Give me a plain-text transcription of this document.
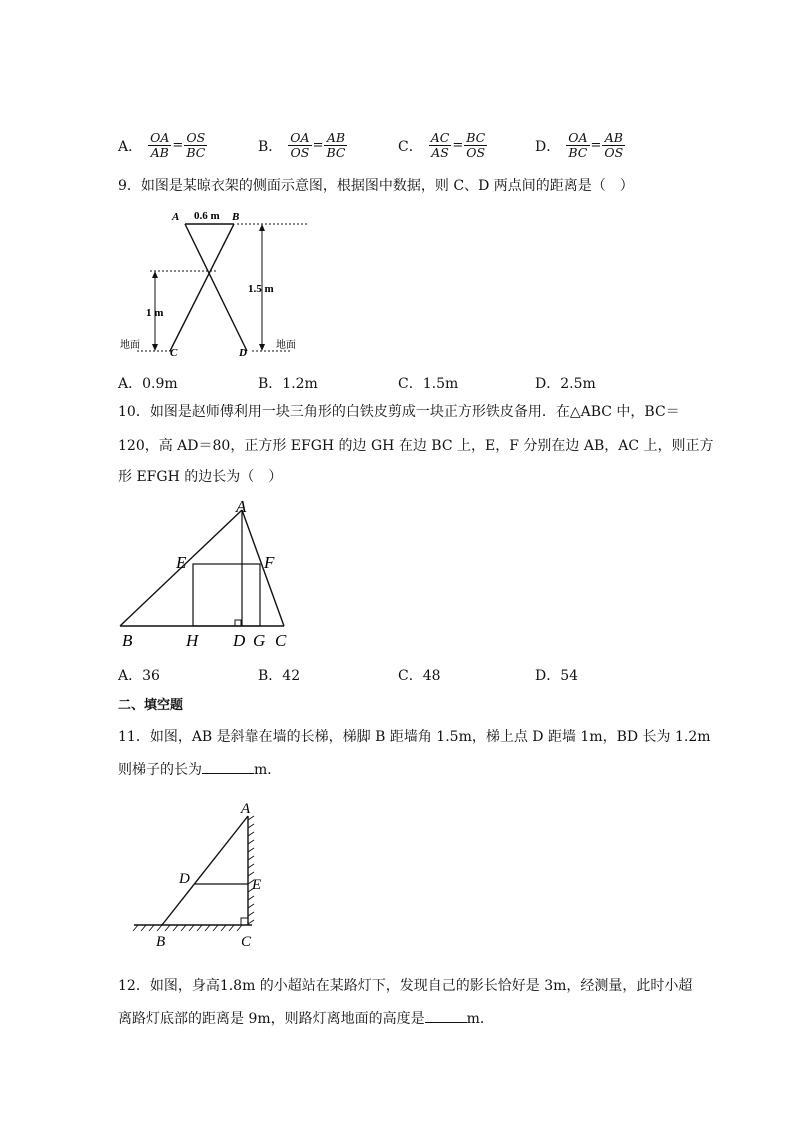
A． $\frac{OA}{AB} = \frac{OS}{BC}$	B． $\frac{OA}{OS} = \frac{AB}{BC}$	C． $\frac{AC}{AS} = \frac{BC}{OS}$	D． $\frac{OA}{BC} = \frac{AB}{OS}$
9．如图是某晾衣架的侧面示意图，根据图中数据，则 C、D 两点间的距离是（　）
A 0.6 m B
1 m
1.5 m
C	D
地面	地面
A．0.9m	B．1.2m	C．1.5m	D．2.5m
10．如图是赵师傅利用一块三角形的白铁皮剪成一块正方形铁皮备用．在△ABC 中，BC＝
120，高 AD＝80，正方形 EFGH 的边 GH 在边 BC 上，E，F 分别在边 AB，AC 上，则正方
形 EFGH 的边长为（　）
A
E	F
B	H D G C
A．36	B．42	C．48	D．54
二、填空题
11．如图，AB 是斜靠在墙的长梯，梯脚 B 距墙角 1.5m，梯上点 D 距墙 1m，BD 长为 1.2m
则梯子的长为	m．
A
D	E
B	C
12．如图，身高1.8m 的小超站在某路灯下，发现自己的影长恰好是 3m，经测量，此时小超
离路灯底部的距离是 9m，则路灯离地面的高度是	m．
